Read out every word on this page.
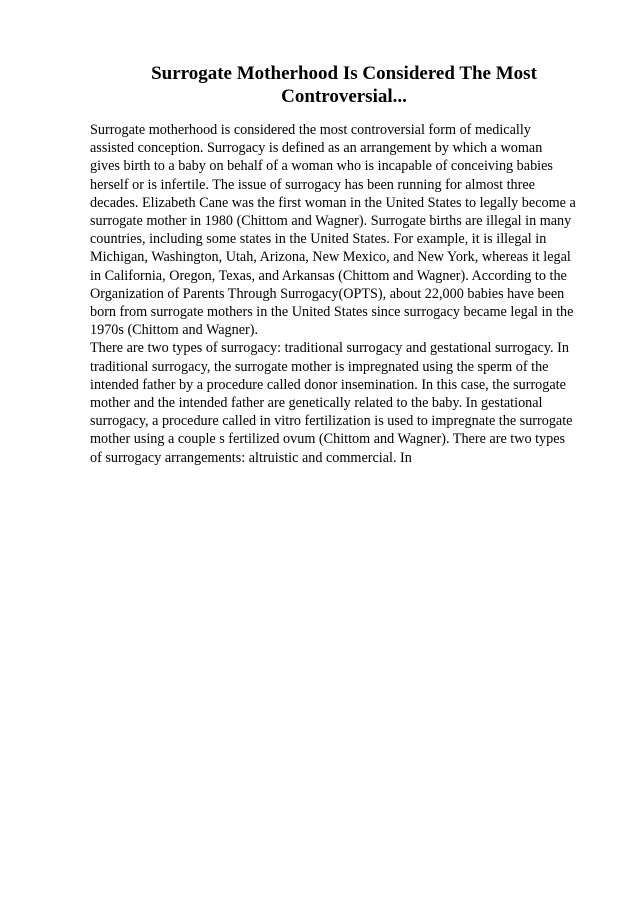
Surrogate Motherhood Is Considered The Most
Controversial...
Surrogate motherhood is considered the most controversial form of medically
assisted conception. Surrogacy is defined as an arrangement by which a woman
gives birth to a baby on behalf of a woman who is incapable of conceiving babies
herself or is infertile. The issue of surrogacy has been running for almost three
decades. Elizabeth Cane was the first woman in the United States to legally become a
surrogate mother in 1980 (Chittom and Wagner). Surrogate births are illegal in many
countries, including some states in the United States. For example, it is illegal in
Michigan, Washington, Utah, Arizona, New Mexico, and New York, whereas it legal
in California, Oregon, Texas, and Arkansas (Chittom and Wagner). According to the
Organization of Parents Through Surrogacy(OPTS), about 22,000 babies have been
born from surrogate mothers in the United States since surrogacy became legal in the
1970s (Chittom and Wagner).
There are two types of surrogacy: traditional surrogacy and gestational surrogacy. In
traditional surrogacy, the surrogate mother is impregnated using the sperm of the
intended father by a procedure called donor insemination. In this case, the surrogate
mother and the intended father are genetically related to the baby. In gestational
surrogacy, a procedure called in vitro fertilization is used to impregnate the surrogate
mother using a couple s fertilized ovum (Chittom and Wagner). There are two types
of surrogacy arrangements: altruistic and commercial. In
